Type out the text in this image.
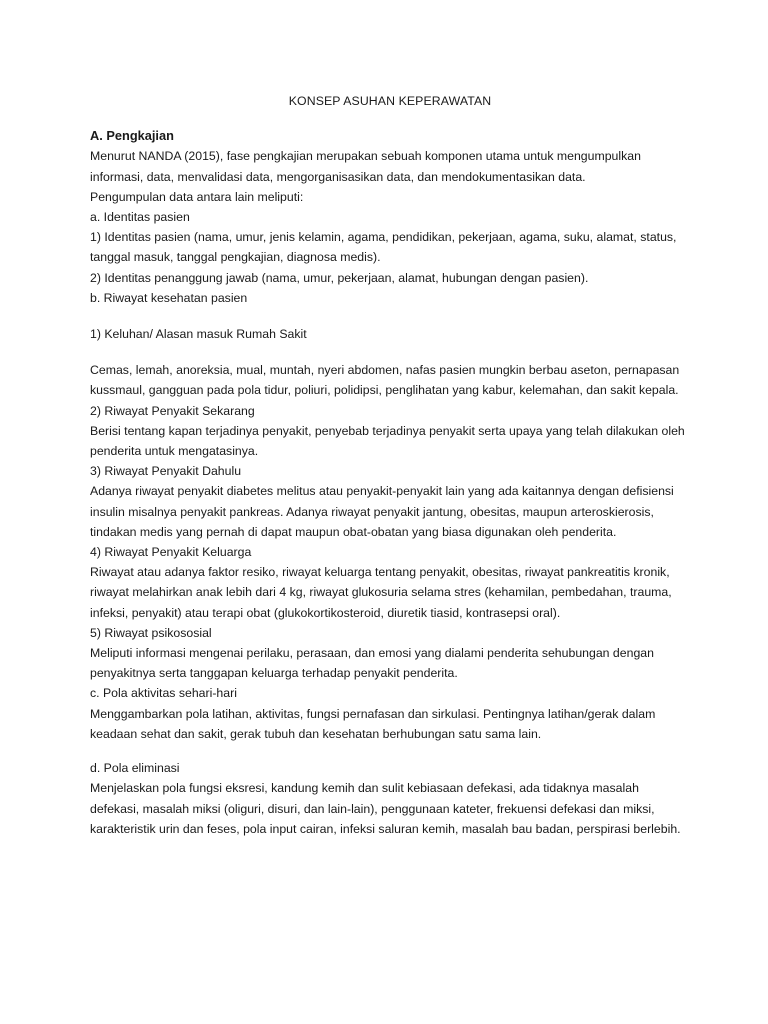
KONSEP ASUHAN KEPERAWATAN
A. Pengkajian
Menurut NANDA (2015), fase pengkajian merupakan sebuah komponen utama untuk mengumpulkan informasi, data, menvalidasi data, mengorganisasikan data, dan mendokumentasikan data.
Pengumpulan data antara lain meliputi:
a. Identitas pasien
1) Identitas pasien (nama, umur, jenis kelamin, agama, pendidikan, pekerjaan, agama, suku, alamat, status, tanggal masuk, tanggal pengkajian, diagnosa medis).
2) Identitas penanggung jawab (nama, umur, pekerjaan, alamat, hubungan dengan pasien).
b. Riwayat kesehatan pasien
1) Keluhan/ Alasan masuk Rumah Sakit
Cemas, lemah, anoreksia, mual, muntah, nyeri abdomen, nafas pasien mungkin berbau aseton, pernapasan kussmaul, gangguan pada pola tidur, poliuri, polidipsi, penglihatan yang kabur, kelemahan, dan sakit kepala.
2) Riwayat Penyakit Sekarang
Berisi tentang kapan terjadinya penyakit, penyebab terjadinya penyakit serta upaya yang telah dilakukan oleh penderita untuk mengatasinya.
3) Riwayat Penyakit Dahulu
Adanya riwayat penyakit diabetes melitus atau penyakit-penyakit lain yang ada kaitannya dengan defisiensi insulin misalnya penyakit pankreas. Adanya riwayat penyakit jantung, obesitas, maupun arteroskierosis, tindakan medis yang pernah di dapat maupun obat-obatan yang biasa digunakan oleh penderita.
4) Riwayat Penyakit Keluarga
Riwayat atau adanya faktor resiko, riwayat keluarga tentang penyakit, obesitas, riwayat pankreatitis kronik, riwayat melahirkan anak lebih dari 4 kg, riwayat glukosuria selama stres (kehamilan, pembedahan, trauma, infeksi, penyakit) atau terapi obat (glukokortikosteroid, diuretik tiasid, kontrasepsi oral).
5) Riwayat psikososial
Meliputi informasi mengenai perilaku, perasaan, dan emosi yang dialami penderita sehubungan dengan penyakitnya serta tanggapan keluarga terhadap penyakit penderita.
c. Pola aktivitas sehari-hari
Menggambarkan pola latihan, aktivitas, fungsi pernafasan dan sirkulasi. Pentingnya latihan/gerak dalam keadaan sehat dan sakit, gerak tubuh dan kesehatan berhubungan satu sama lain.
d. Pola eliminasi
Menjelaskan pola fungsi eksresi, kandung kemih dan sulit kebiasaan defekasi, ada tidaknya masalah defekasi, masalah miksi (oliguri, disuri, dan lain-lain), penggunaan kateter, frekuensi defekasi dan miksi, karakteristik urin dan feses, pola input cairan, infeksi saluran kemih, masalah bau badan, perspirasi berlebih.
